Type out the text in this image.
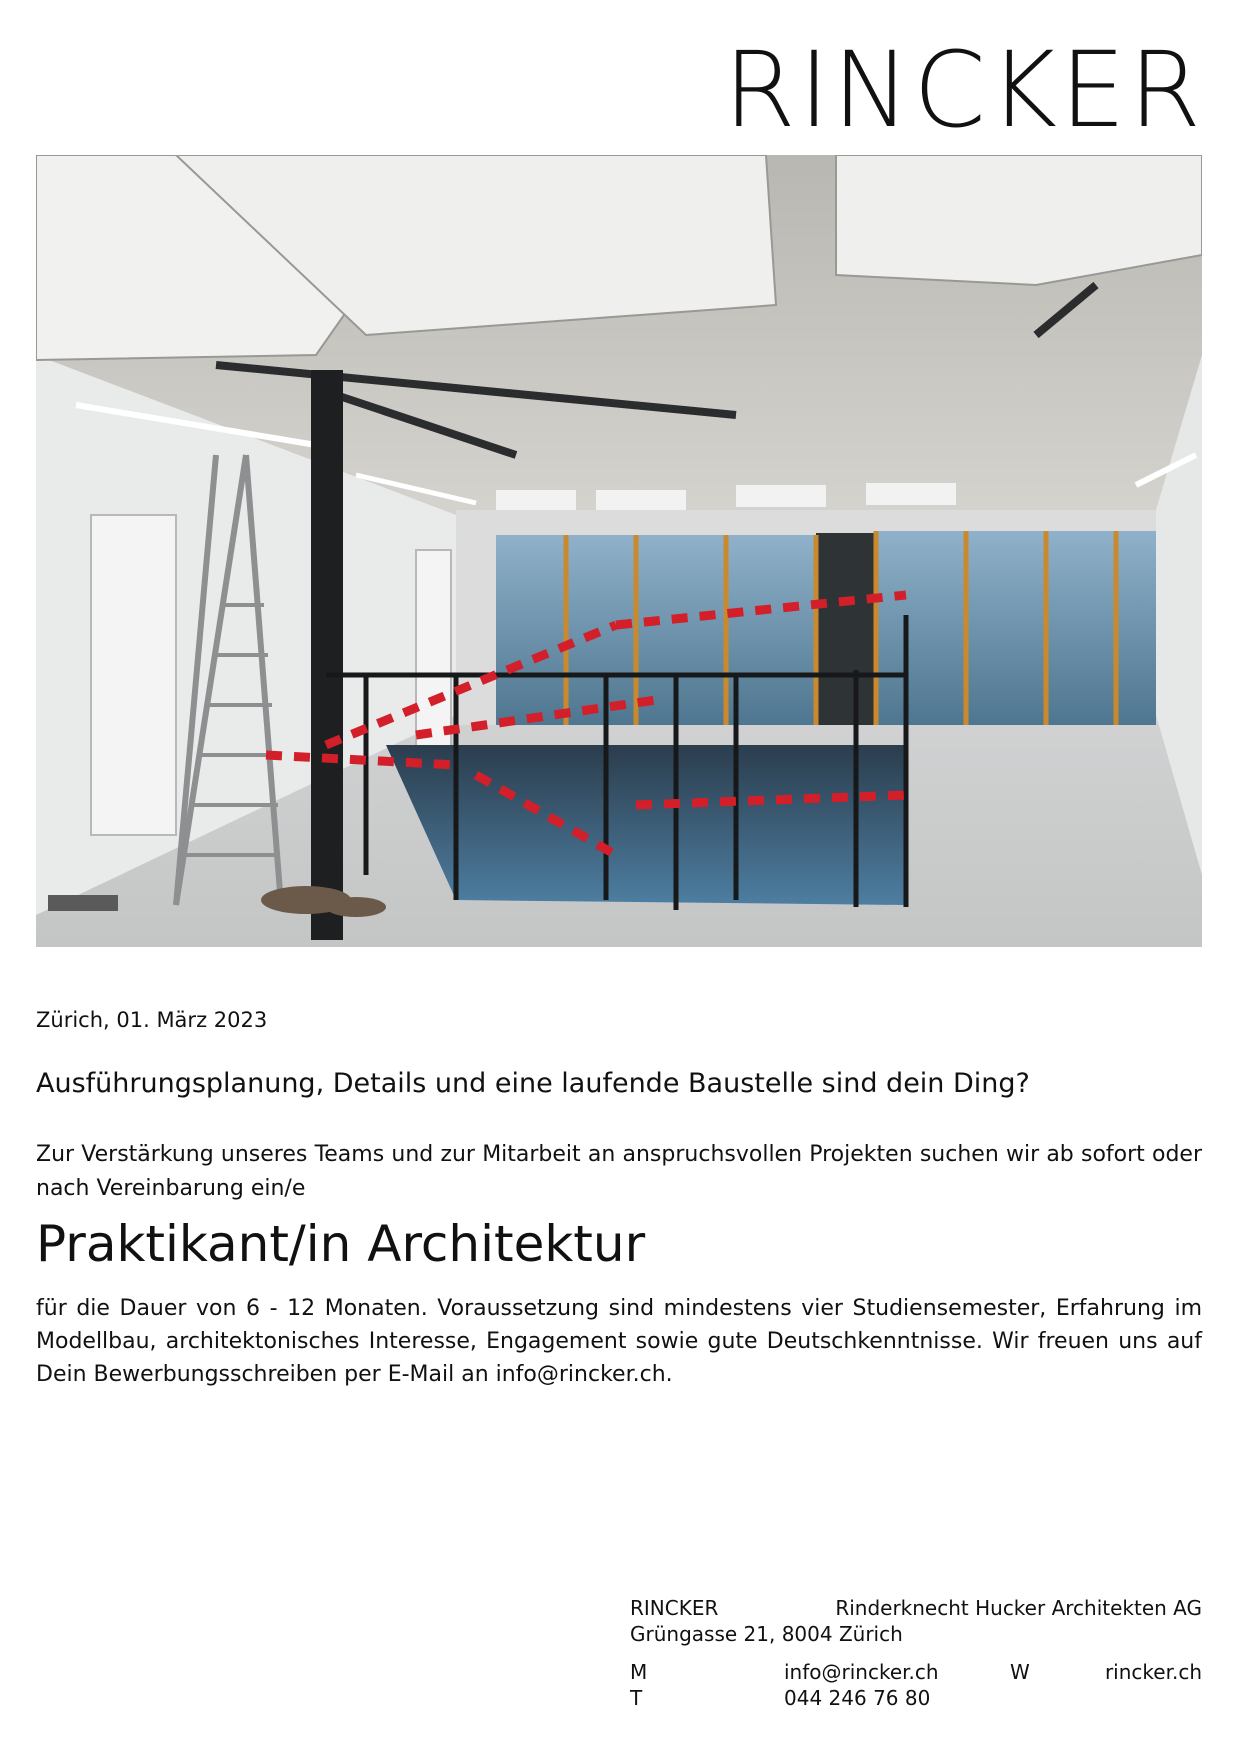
RINCKER
Zürich, 01. März 2023
Ausführungsplanung, Details und eine laufende Baustelle sind dein Ding?
Zur Verstärkung unseres Teams und zur Mitarbeit an anspruchsvollen Projekten suchen wir ab sofort oder nach Vereinbarung ein/e
Praktikant/in Architektur
für die Dauer von 6 - 12 Monaten. Voraussetzung sind mindestens vier Studiensemester, Erfahrung im Modellbau, architektonisches Interesse, Engagement sowie gute Deutschkenntnisse. Wir freuen uns auf Dein Bewerbungsschreiben per E-Mail an info@rincker.ch.
RINCKER	Rinderknecht Hucker Architekten AG
Grüngasse 21, 8004 Zürich
M	info@rincker.ch	W	rincker.ch
T	044 246 76 80
